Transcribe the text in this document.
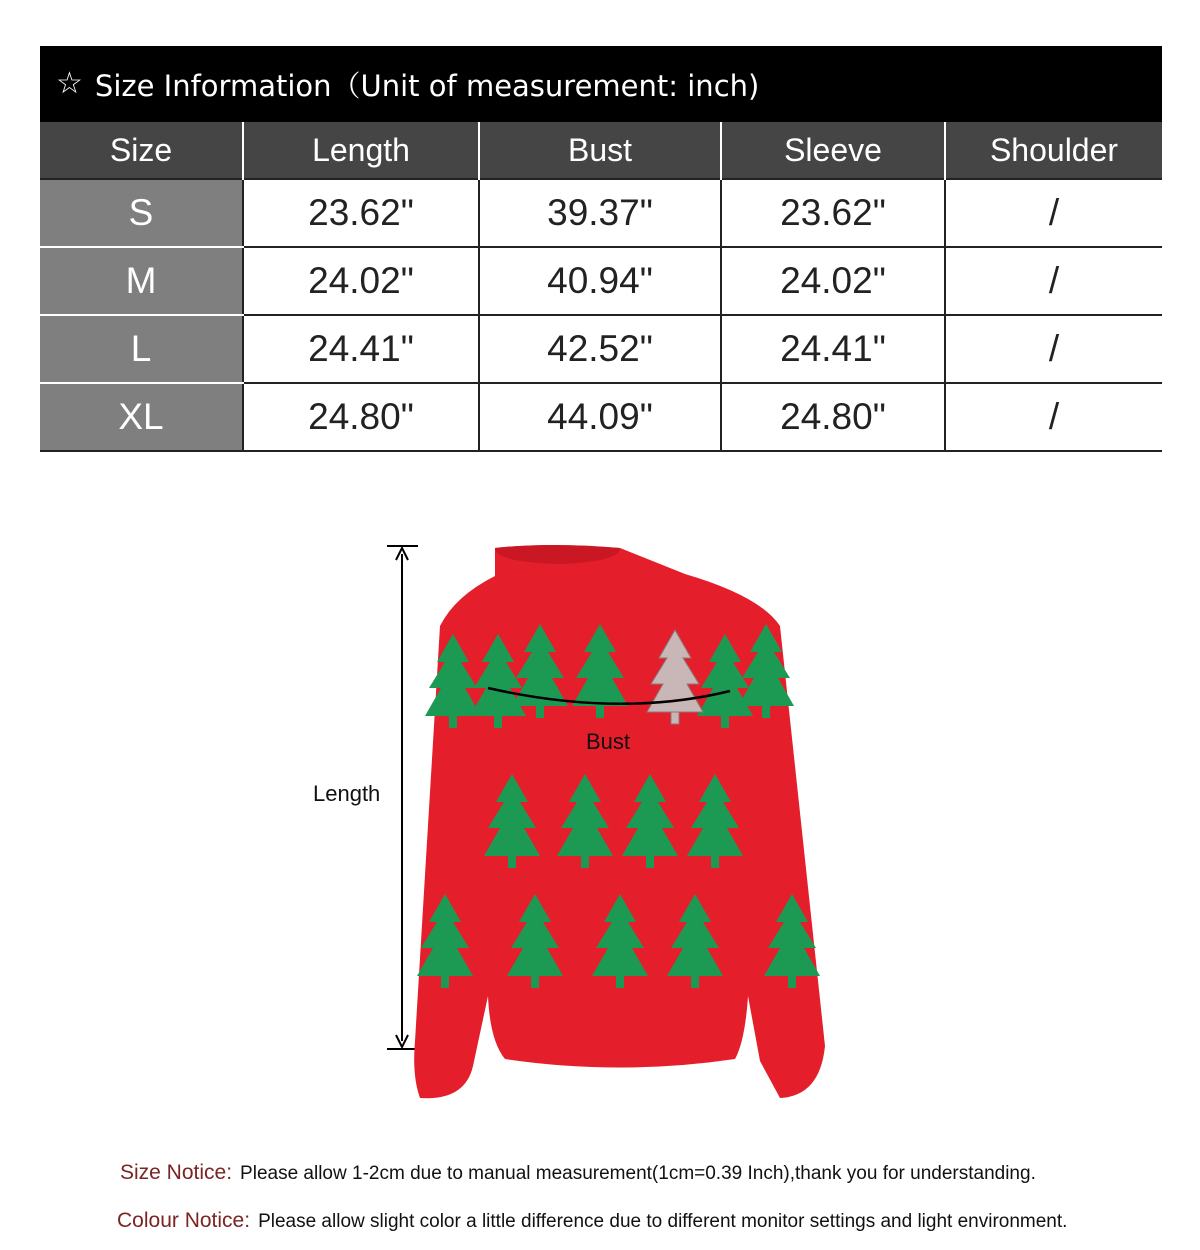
☆ Size Information（Unit of measurement: inch)
Size	Length	Bust	Sleeve	Shoulder
S	23.62"	39.37"	23.62"	/
M	24.02"	40.94"	24.02"	/
L	24.41"	42.52"	24.41"	/
XL	24.80"	44.09"	24.80"	/
Length
Bust
Size Notice: Please allow 1-2cm due to manual measurement(1cm=0.39 Inch),thank you for understanding.
Colour Notice: Please allow slight color a little difference due to different monitor settings and light environment.
